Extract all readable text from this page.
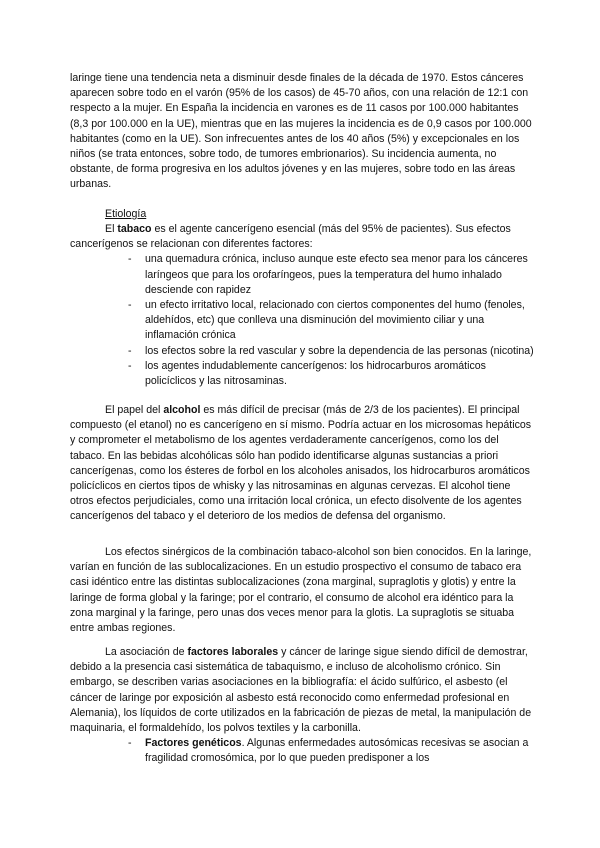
laringe tiene una tendencia neta a disminuir desde finales de la década de 1970. Estos cánceres aparecen sobre todo en el varón (95% de los casos) de 45-70 años, con una relación de 12:1 con respecto a la mujer. En España la incidencia en varones es de 11 casos por 100.000 habitantes (8,3 por 100.000 en la UE), mientras que en las mujeres la incidencia es de 0,9 casos por 100.000 habitantes (como en la UE). Son infrecuentes antes de los 40 años (5%) y excepcionales en los niños (se trata entonces, sobre todo, de tumores embrionarios). Su incidencia aumenta, no obstante, de forma progresiva en los adultos jóvenes y en las mujeres, sobre todo en las áreas urbanas.

Etiología

El tabaco es el agente cancerígeno esencial (más del 95% de pacientes). Sus efectos cancerígenos se relacionan con diferentes factores:

- una quemadura crónica, incluso aunque este efecto sea menor para los cánceres laríngeos que para los orofaríngeos, pues la temperatura del humo inhalado desciende con rapidez
- un efecto irritativo local, relacionado con ciertos componentes del humo (fenoles, aldehídos, etc) que conlleva una disminución del movimiento ciliar y una inflamación crónica
- los efectos sobre la red vascular y sobre la dependencia de las personas (nicotina)
- los agentes indudablemente cancerígenos: los hidrocarburos aromáticos policíclicos y las nitrosaminas.

El papel del alcohol es más difícil de precisar (más de 2/3 de los pacientes). El principal compuesto (el etanol) no es cancerígeno en sí mismo. Podría actuar en los microsomas hepáticos y comprometer el metabolismo de los agentes verdaderamente cancerígenos, como los del tabaco. En las bebidas alcohólicas sólo han podido identificarse algunas sustancias a priori cancerígenas, como los ésteres de forbol en los alcoholes anisados, los hidrocarburos aromáticos policíclicos en ciertos tipos de whisky y las nitrosaminas en algunas cervezas. El alcohol tiene otros efectos perjudiciales, como una irritación local crónica, un efecto disolvente de los agentes cancerígenos del tabaco y el deterioro de los medios de defensa del organismo.

Los efectos sinérgicos de la combinación tabaco-alcohol son bien conocidos. En la laringe, varían en función de las sublocalizaciones. En un estudio prospectivo el consumo de tabaco era casi idéntico entre las distintas sublocalizaciones (zona marginal, supraglotis y glotis) y entre la laringe de forma global y la faringe; por el contrario, el consumo de alcohol era idéntico para la zona marginal y la faringe, pero unas dos veces menor para la glotis. La supraglotis se situaba entre ambas regiones.

La asociación de factores laborales y cáncer de laringe sigue siendo difícil de demostrar, debido a la presencia casi sistemática de tabaquismo, e incluso de alcoholismo crónico. Sin embargo, se describen varias asociaciones en la bibliografía: el ácido sulfúrico, el asbesto (el cáncer de laringe por exposición al asbesto está reconocido como enfermedad profesional en Alemania), los líquidos de corte utilizados en la fabricación de piezas de metal, la manipulación de maquinaria, el formaldehído, los polvos textiles y la carbonilla.

- Factores genéticos. Algunas enfermedades autosómicas recesivas se asocian a fragilidad cromosómica, por lo que pueden predisponer a los
